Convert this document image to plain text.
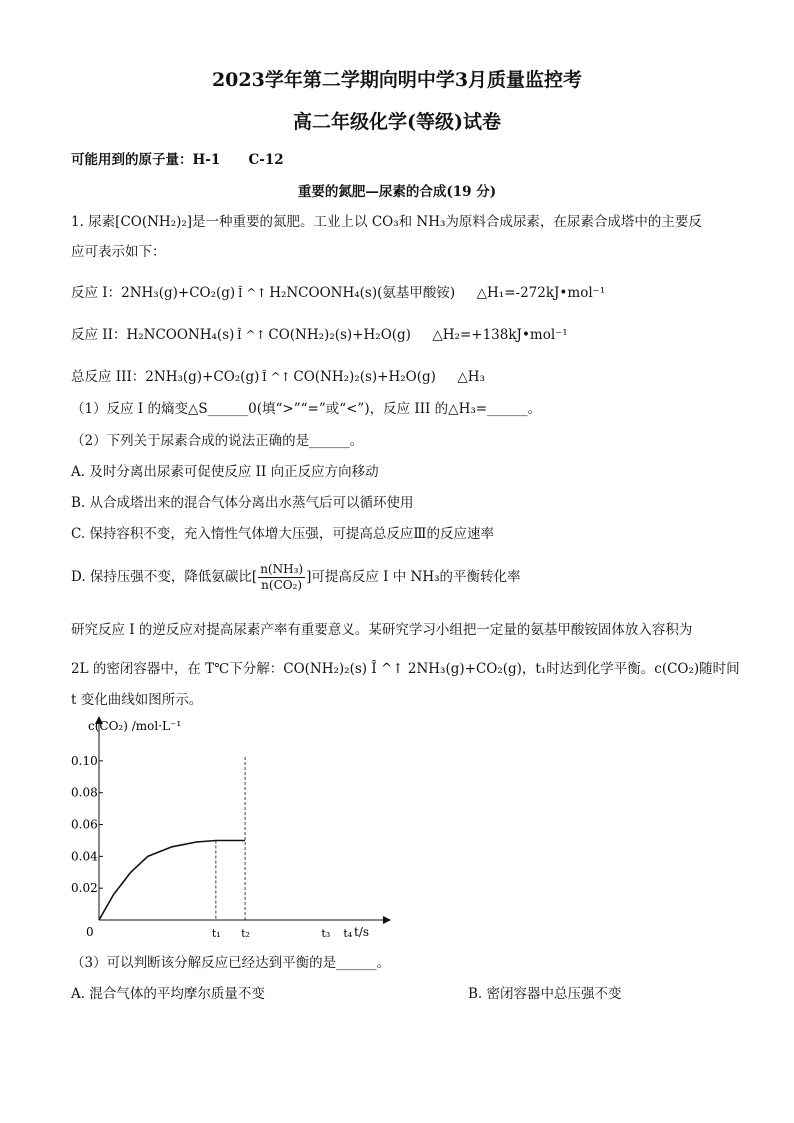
2023学年第二学期向明中学3月质量监控考
高二年级化学(等级)试卷
可能用到的原子量：H-1 C-12
重要的氮肥—尿素的合成(19 分)
1. 尿素[CO(NH₂)₂]是一种重要的氮肥。工业上以 CO₃和 NH₃为原料合成尿素，在尿素合成塔中的主要反
应可表示如下：
反应 I：2NH₃(g)+CO₂(g) Ȋ ^↑ H₂NCOONH₄(s)(氨基甲酸铵) △H₁=-272kJ•mol⁻¹
反应 II：H₂NCOONH₄(s) Ȋ ^↑ CO(NH₂)₂(s)+H₂O(g) △H₂=+138kJ•mol⁻¹
总反应 III：2NH₃(g)+CO₂(g) Ȋ ^↑ CO(NH₂)₂(s)+H₂O(g) △H₃
（1）反应 I 的熵变△S______0(填“>”“=”或“<”)，反应 III 的△H₃=______。
（2）下列关于尿素合成的说法正确的是______。
A. 及时分离出尿素可促使反应 II 向正反应方向移动
B. 从合成塔出来的混合气体分离出水蒸气后可以循环使用
C. 保持容积不变，充入惰性气体增大压强，可提高总反应Ⅲ的反应速率
D. 保持压强不变，降低氨碳比[ $\frac{\text{n(NH₃)}}{\text{n(CO₂)}}$ ]可提高反应 I 中 NH₃的平衡转化率
研究反应 I 的逆反应对提高尿素产率有重要意义。某研究学习小组把一定量的氨基甲酸铵固体放入容积为
2L 的密闭容器中，在 T℃下分解：CO(NH₂)₂(s) Ȋ ^↑ 2NH₃(g)+CO₂(g)，t₁时达到化学平衡。c(CO₂)随时间
t 变化曲线如图所示。
0.10
0.08
0.06
0.04
0.02
t₁ t₂	t₃ t₄
c(CO₂) /mol·L⁻¹
t/s
0
（3）可以判断该分解反应已经达到平衡的是______。
A. 混合气体的平均摩尔质量不变	B. 密闭容器中总压强不变
